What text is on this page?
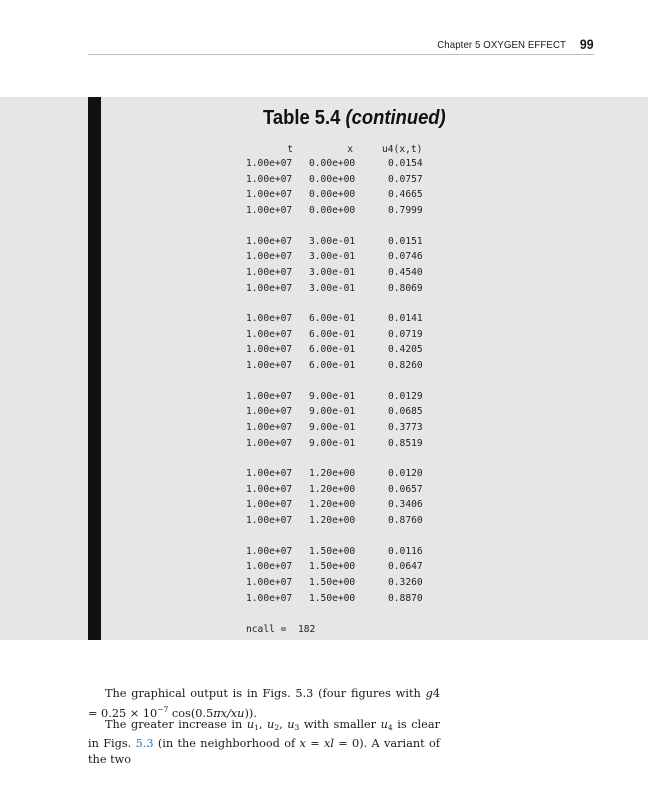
Chapter 5 OXYGEN EFFECT 99
Table 5.4 (continued)
t	x	u4(x,t)
1.00e+07 0.00e+00	0.0154
1.00e+07 0.00e+00	0.0757
1.00e+07 0.00e+00	0.4665
1.00e+07 0.00e+00	0.7999
1.00e+07 3.00e-01	0.0151
1.00e+07 3.00e-01	0.0746
1.00e+07 3.00e-01	0.4540
1.00e+07 3.00e-01	0.8069
1.00e+07 6.00e-01	0.0141
1.00e+07 6.00e-01	0.0719
1.00e+07 6.00e-01	0.4205
1.00e+07 6.00e-01	0.8260
1.00e+07 9.00e-01	0.0129
1.00e+07 9.00e-01	0.0685
1.00e+07 9.00e-01	0.3773
1.00e+07 9.00e-01	0.8519
1.00e+07 1.20e+00	0.0120
1.00e+07 1.20e+00	0.0657
1.00e+07 1.20e+00	0.3406
1.00e+07 1.20e+00	0.8760
1.00e+07 1.50e+00	0.0116
1.00e+07 1.50e+00	0.0647
1.00e+07 1.50e+00	0.3260
1.00e+07 1.50e+00	0.8870
ncall =  182

The graphical output is in Figs. 5.3 (four figures with $g4 = 0.25 \times 10^{-7}$ cos(0.5πx/xu)).

The greater increase in $u_1$, $u_2$, $u_3$ with smaller $u_4$ is clear in Figs. 5.3 (in the neighborhood of x = xl = 0). A variant of the two
